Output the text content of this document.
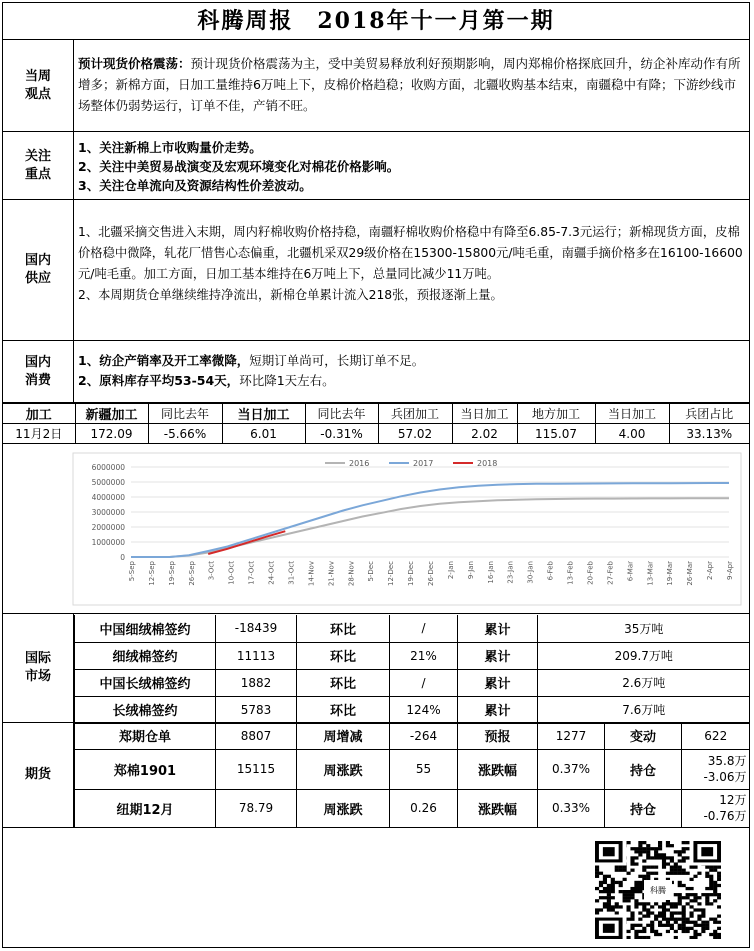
科腾周报　2018年十一月第一期
当周
观点
预计现货价格震荡：预计现货价格震荡为主，受中美贸易释放利好预期影响，周内郑棉价格探底回升，纺企补库动作有所增多；新棉方面，日加工量维持6万吨上下，皮棉价格趋稳；收购方面，北疆收购基本结束，南疆稳中有降；下游纱线市场整体仍弱势运行，订单不佳，产销不旺。
关注
重点
1、关注新棉上市收购量价走势。
2、关注中美贸易战演变及宏观环境变化对棉花价格影响。
3、关注仓单流向及资源结构性价差波动。
国内
供应
1、北疆采摘交售进入末期，周内籽棉收购价格持稳，南疆籽棉收购价格稳中有降至6.85-7.3元运行；新棉现货方面，皮棉价格稳中微降，轧花厂惜售心态偏重，北疆机采双29级价格在15300-15800元/吨毛重，南疆手摘价格多在16100-16600元/吨毛重。加工方面，日加工基本维持在6万吨上下，总量同比减少11万吨。
2、本周期货仓单继续维持净流出，新棉仓单累计流入218张，预报逐渐上量。
国内
消费
1、纺企产销率及开工率微降，短期订单尚可，长期订单不足。
2、原料库存平均53-54天，环比降1天左右。
加工	新疆加工	同比去年	当日加工	同比去年	兵团加工	当日加工	地方加工	当日加工	兵团占比
11月2日	172.09	-5.66%	6.01	-0.31%	57.02	2.02	115.07	4.00	33.13%
0
1000000
2000000
3000000
4000000
5000000
6000000
5-Sep 12-Sep 19-Sep 26-Sep 3-Oct 10-Oct 17-Oct 24-Oct 31-Oct 14-Nov 21-Nov 28-Nov 5-Dec 12-Dec 19-Dec 26-Dec 2-Jan 9-Jan 16-Jan 23-Jan 30-Jan 6-Feb 13-Feb 20-Feb 27-Feb 6-Mar 13-Mar 19-Mar 26-Mar 2-Apr 9-Apr
2016	2017	2018
国际
市场
中国细绒棉签约	-18439	环比	/	累计	35万吨
细绒棉签约	11113	环比	21%	累计	209.7万吨
中国长绒棉签约	1882	环比	/	累计	2.6万吨
长绒棉签约	5783	环比	124%	累计	7.6万吨
期货
郑期仓单	8807	周增减	-264	预报	1277	变动	622
郑棉1901	15115	周涨跌	55	涨跌幅	0.37%	持仓	35.8万
-3.06万

纽期12月	78.79	周涨跌	0.26	涨跌幅	0.33%	持仓	12万
-0.76万
科腾
